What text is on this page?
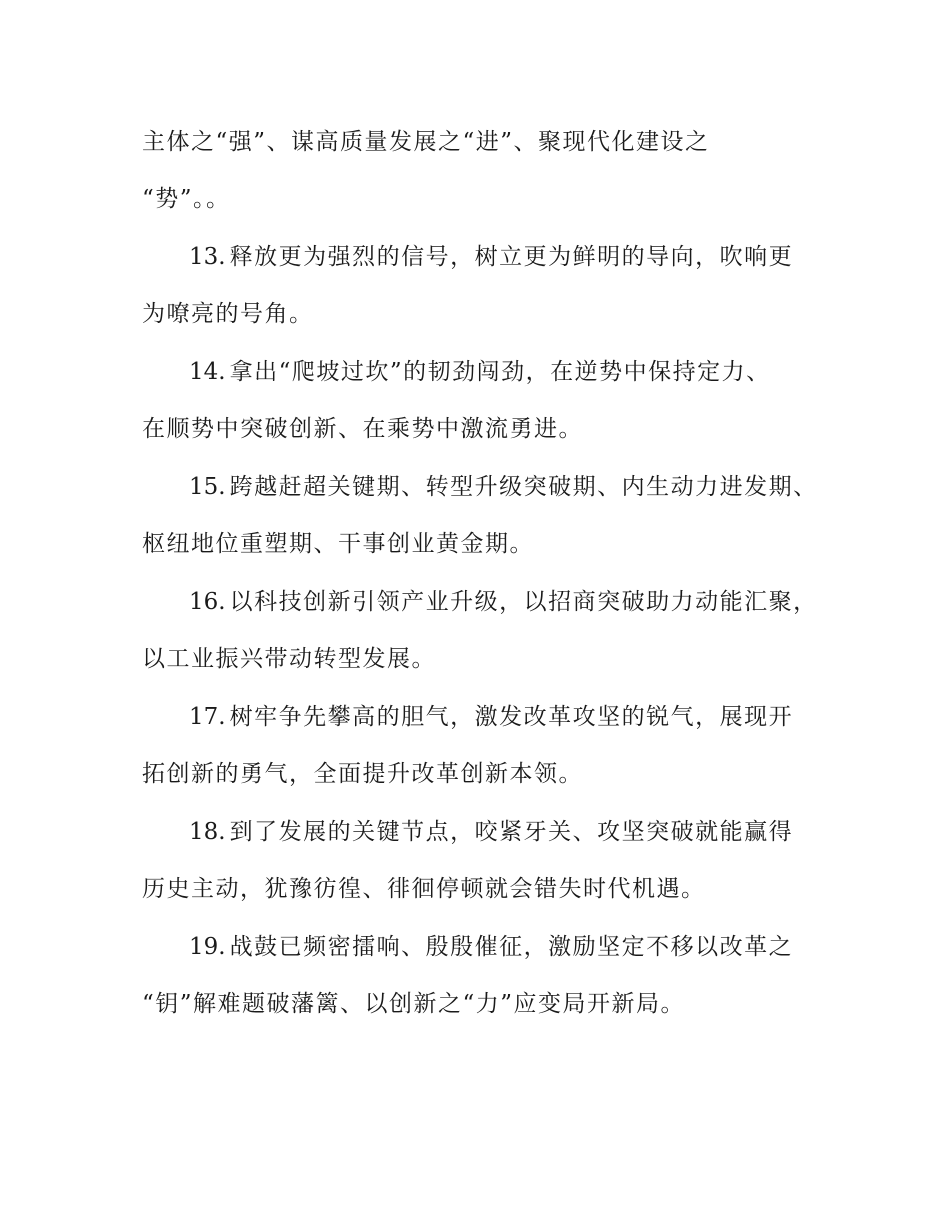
主体之“强”、谋高质量发展之“进”、聚现代化建设之
“势”。。
13. 释放更为强烈的信号，树立更为鲜明的导向，吹响更
为嘹亮的号角。
14. 拿出“爬坡过坎”的韧劲闯劲，在逆势中保持定力、
在顺势中突破创新、在乘势中激流勇进。
15. 跨越赶超关键期、转型升级突破期、内生动力进发期、
枢纽地位重塑期、干事创业黄金期。
16. 以科技创新引领产业升级，以招商突破助力动能汇聚，
以工业振兴带动转型发展。
17. 树牢争先攀高的胆气，激发改革攻坚的锐气，展现开
拓创新的勇气，全面提升改革创新本领。
18. 到了发展的关键节点，咬紧牙关、攻坚突破就能赢得
历史主动，犹豫彷徨、徘徊停顿就会错失时代机遇。
19. 战鼓已频密擂响、殷殷催征，激励坚定不移以改革之
“钥”解难题破藩篱、以创新之“力”应变局开新局。
